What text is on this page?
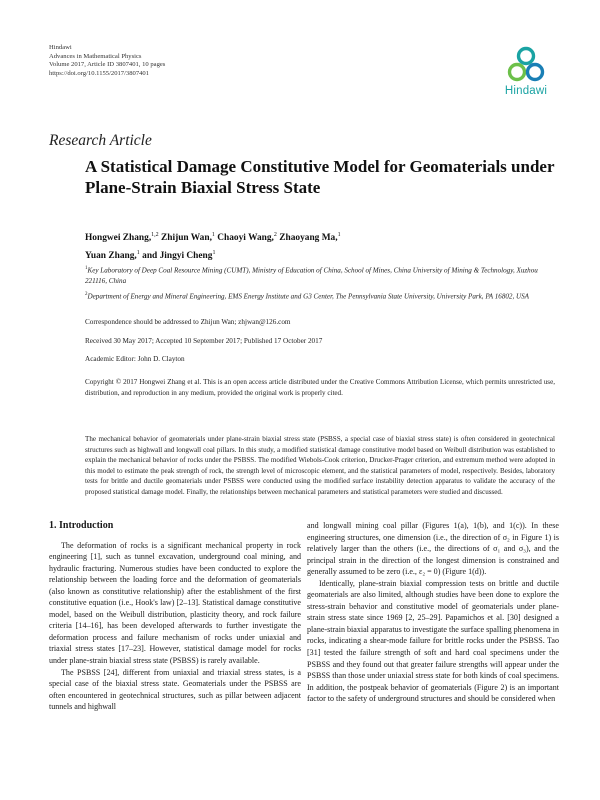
Hindawi
Advances in Mathematical Physics
Volume 2017, Article ID 3807401, 10 pages
https://doi.org/10.1155/2017/3807401
Hindawi
Research Article
A Statistical Damage Constitutive Model for Geomaterials under Plane-Strain Biaxial Stress State
Hongwei Zhang,$^{1,2}$ Zhijun Wan,$^1$ Chaoyi Wang,$^2$ Zhaoyang Ma,$^1$
Yuan Zhang,$^1$ and Jingyi Cheng$^1$
$^1$Key Laboratory of Deep Coal Resource Mining (CUMT), Ministry of Education of China, School of Mines, China University of Mining & Technology, Xuzhou 221116, China
$^2$Department of Energy and Mineral Engineering, EMS Energy Institute and G3 Center, The Pennsylvania State University, University Park, PA 16802, USA
Correspondence should be addressed to Zhijun Wan; zhjwan@126.com
Received 30 May 2017; Accepted 10 September 2017; Published 17 October 2017
Academic Editor: John D. Clayton
Copyright © 2017 Hongwei Zhang et al. This is an open access article distributed under the Creative Commons Attribution License, which permits unrestricted use, distribution, and reproduction in any medium, provided the original work is properly cited.
The mechanical behavior of geomaterials under plane-strain biaxial stress state (PSBSS, a special case of biaxial stress state) is often considered in geotechnical structures such as highwall and longwall coal pillars. In this study, a modified statistical damage constitutive model based on Weibull distribution was established to explain the mechanical behavior of rocks under the PSBSS. The modified Wiebols-Cook criterion, Drucker-Prager criterion, and extremum method were adopted in this model to estimate the peak strength of rock, the strength level of microscopic element, and the statistical parameters of model, respectively. Besides, laboratory tests for brittle and ductile geomaterials under PSBSS were conducted using the modified surface instability detection apparatus to validate the accuracy of the proposed statistical damage model. Finally, the relationships between mechanical parameters and statistical parameters were studied and discussed.
1. Introduction

The deformation of rocks is a significant mechanical property in rock engineering [1], such as tunnel excavation, underground coal mining, and hydraulic fracturing. Numerous studies have been conducted to explore the relationship between the loading force and the deformation of geomaterials (also known as constitutive relationship) after the establishment of the first constitutive equation (i.e., Hook's law) [2–13]. Statistical damage constitutive model, based on the Weibull distribution, plasticity theory, and rock failure criteria [14–16], has been developed afterwards to further investigate the deformation process and failure mechanism of rocks under uniaxial and triaxial stress states [17–23]. However, statistical damage model for rocks under plane-strain biaxial stress state (PSBSS) is rarely available.

The PSBSS [24], different from uniaxial and triaxial stress states, is a special case of the biaxial stress state. Geomaterials under the PSBSS are often encountered in geotechnical structures, such as pillar between adjacent tunnels and highwall

and longwall mining coal pillar (Figures 1(a), 1(b), and 1(c)). In these engineering structures, one dimension (i.e., the direction of σ₂ in Figure 1) is relatively larger than the others (i.e., the directions of σ₁ and σ₃), and the principal strain in the direction of the longest dimension is constrained and generally assumed to be zero (i.e., ε₂ = 0) (Figure 1(d)).

Identically, plane-strain biaxial compression tests on brittle and ductile geomaterials are also limited, although studies have been done to explore the stress-strain behavior and constitutive model of geomaterials under plane-strain stress state since 1969 [2, 25–29]. Papamichos et al. [30] designed a plane-strain biaxial apparatus to investigate the surface spalling phenomena in rocks, indicating a shear-mode failure for brittle rocks under the PSBSS. Tao [31] tested the failure strength of soft and hard coal specimens under the PSBSS and they found out that greater failure strengths will appear under the PSBSS than those under uniaxial stress state for both kinds of coal specimens. In addition, the postpeak behavior of geomaterials (Figure 2) is an important factor to the safety of underground structures and should be considered when
